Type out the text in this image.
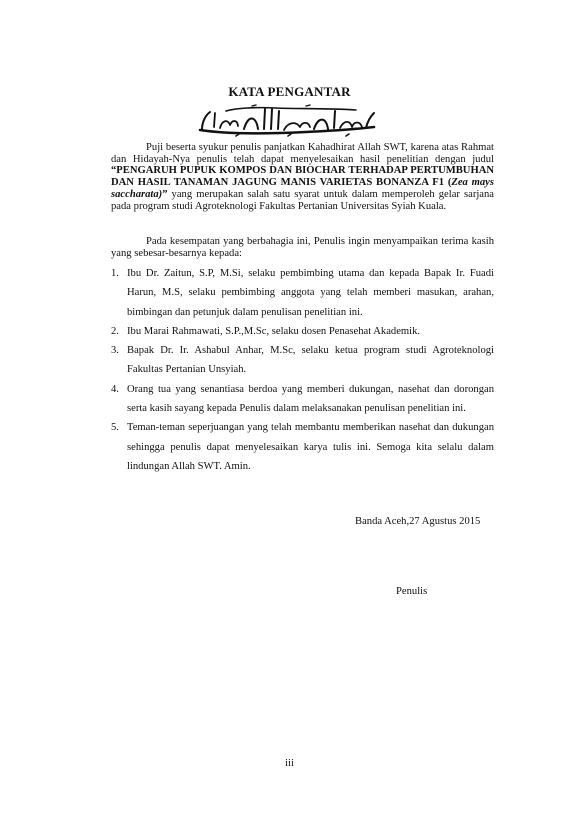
KATA PENGANTAR
Puji beserta syukur penulis panjatkan Kahadhirat Allah SWT, karena atas Rahmat dan Hidayah-Nya penulis telah dapat menyelesaikan hasil penelitian dengan judul “PENGARUH PUPUK KOMPOS DAN BIOCHAR TERHADAP PERTUMBUHAN DAN HASIL TANAMAN JAGUNG MANIS VARIETAS BONANZA F1 (Zea mays saccharata)” yang merupakan salah satu syarat untuk dalam memperoleh gelar sarjana pada program studi Agroteknologi Fakultas Pertanian Universitas Syiah Kuala.
Pada kesempatan yang berbahagia ini, Penulis ingin menyampaikan terima kasih yang sebesar-besarnya kepada:
1. Ibu Dr. Zaitun, S.P, M.Si, selaku pembimbing utama dan kepada Bapak Ir. Fuadi Harun, M.S, selaku pembimbing anggota yang telah memberi masukan, arahan, bimbingan dan petunjuk dalam penulisan penelitian ini.
2. Ibu Marai Rahmawati, S.P.,M.Sc, selaku dosen Penasehat Akademik.
3. Bapak Dr. Ir. Ashabul Anhar, M.Sc, selaku ketua program studi Agroteknologi Fakultas Pertanian Unsyiah.
4. Orang tua yang senantiasa berdoa yang memberi dukungan, nasehat dan dorongan serta kasih sayang kepada Penulis dalam melaksanakan penulisan penelitian ini.
5. Teman-teman seperjuangan yang telah membantu memberikan nasehat dan dukungan sehingga penulis dapat menyelesaikan karya tulis ini. Semoga kita selalu dalam lindungan Allah SWT. Amin.
Banda Aceh,27 Agustus 2015
Penulis
iii
